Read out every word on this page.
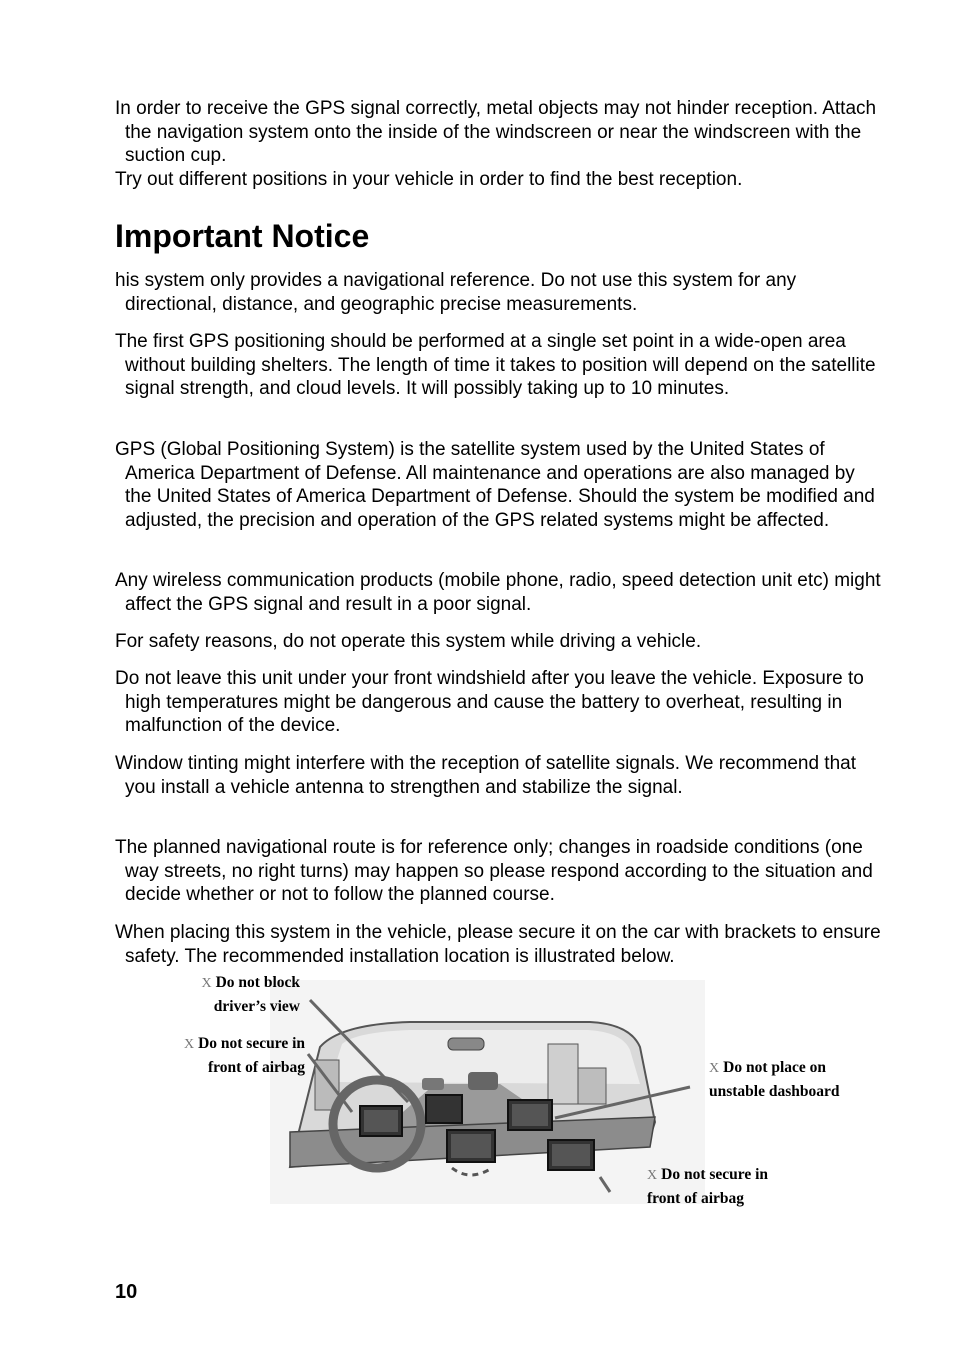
In order to receive the GPS signal correctly, metal objects may not hinder reception. Attach the navigation system onto the inside of the windscreen or near the windscreen with the suction cup.
Try out different positions in your vehicle in order to find the best reception.
Important Notice
his system only provides a navigational reference. Do not use this system for any directional, distance, and geographic precise measurements.
The first GPS positioning should be performed at a single set point in a wide-open area without building shelters. The length of time it takes to position will depend on the satellite signal strength, and cloud levels. It will possibly taking up to 10 minutes.
GPS (Global Positioning System) is the satellite system used by the United States of America Department of Defense. All maintenance and operations are also managed by the United States of America Department of Defense. Should the system be modified and adjusted, the precision and operation of the GPS related systems might be affected.
Any wireless communication products (mobile phone, radio, speed detection unit etc) might affect the GPS signal and result in a poor signal.
For safety reasons, do not operate this system while driving a vehicle.
Do not leave this unit under your front windshield after you leave the vehicle. Exposure to high temperatures might be dangerous and cause the battery to overheat, resulting in malfunction of the device.
Window tinting might interfere with the reception of satellite signals. We recommend that you install a vehicle antenna to strengthen and stabilize the signal.
The planned navigational route is for reference only; changes in roadside conditions (one way streets, no right turns) may happen so please respond according to the situation and decide whether or not to follow the planned course.
When placing this system in the vehicle, please secure it on the car with brackets to ensure safety. The recommended installation location is illustrated below.
X Do not block
driver’s view
X Do not secure in
front of airbag	X Do not place on
unstable dashboard
X Do not secure in
front of airbag
10
